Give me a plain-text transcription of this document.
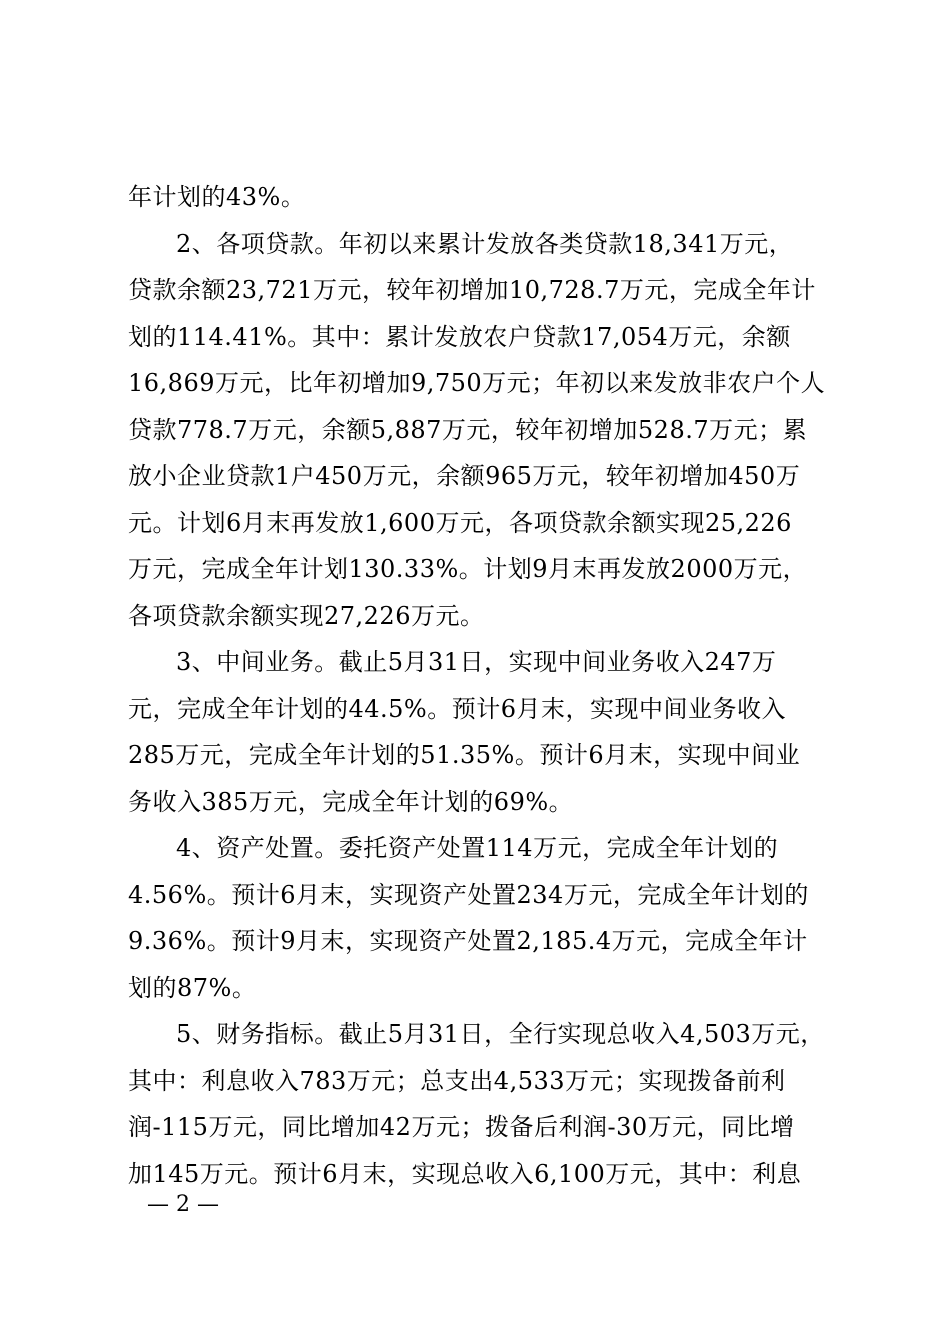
年计划的43%。
2、各项贷款。年初以来累计发放各类贷款18,341万元，
贷款余额23,721万元，较年初增加10,728.7万元，完成全年计
划的114.41%。其中：累计发放农户贷款17,054万元，余额
16,869万元，比年初增加9,750万元；年初以来发放非农户个人
贷款778.7万元，余额5,887万元，较年初增加528.7万元；累
放小企业贷款1户450万元，余额965万元，较年初增加450万
元。计划6月末再发放1,600万元，各项贷款余额实现25,226
万元，完成全年计划130.33%。计划9月末再发放2000万元，
各项贷款余额实现27,226万元。
3、中间业务。截止5月31日，实现中间业务收入247万
元，完成全年计划的44.5%。预计6月末，实现中间业务收入
285万元，完成全年计划的51.35%。预计6月末，实现中间业
务收入385万元，完成全年计划的69%。
4、资产处置。委托资产处置114万元，完成全年计划的
4.56%。预计6月末，实现资产处置234万元，完成全年计划的
9.36%。预计9月末，实现资产处置2,185.4万元，完成全年计
划的87%。
5、财务指标。截止5月31日，全行实现总收入4,503万元，
其中：利息收入783万元；总支出4,533万元；实现拨备前利
润-115万元，同比增加42万元；拨备后利润-30万元，同比增
加145万元。预计6月末，实现总收入6,100万元，其中：利息
— 2 —
